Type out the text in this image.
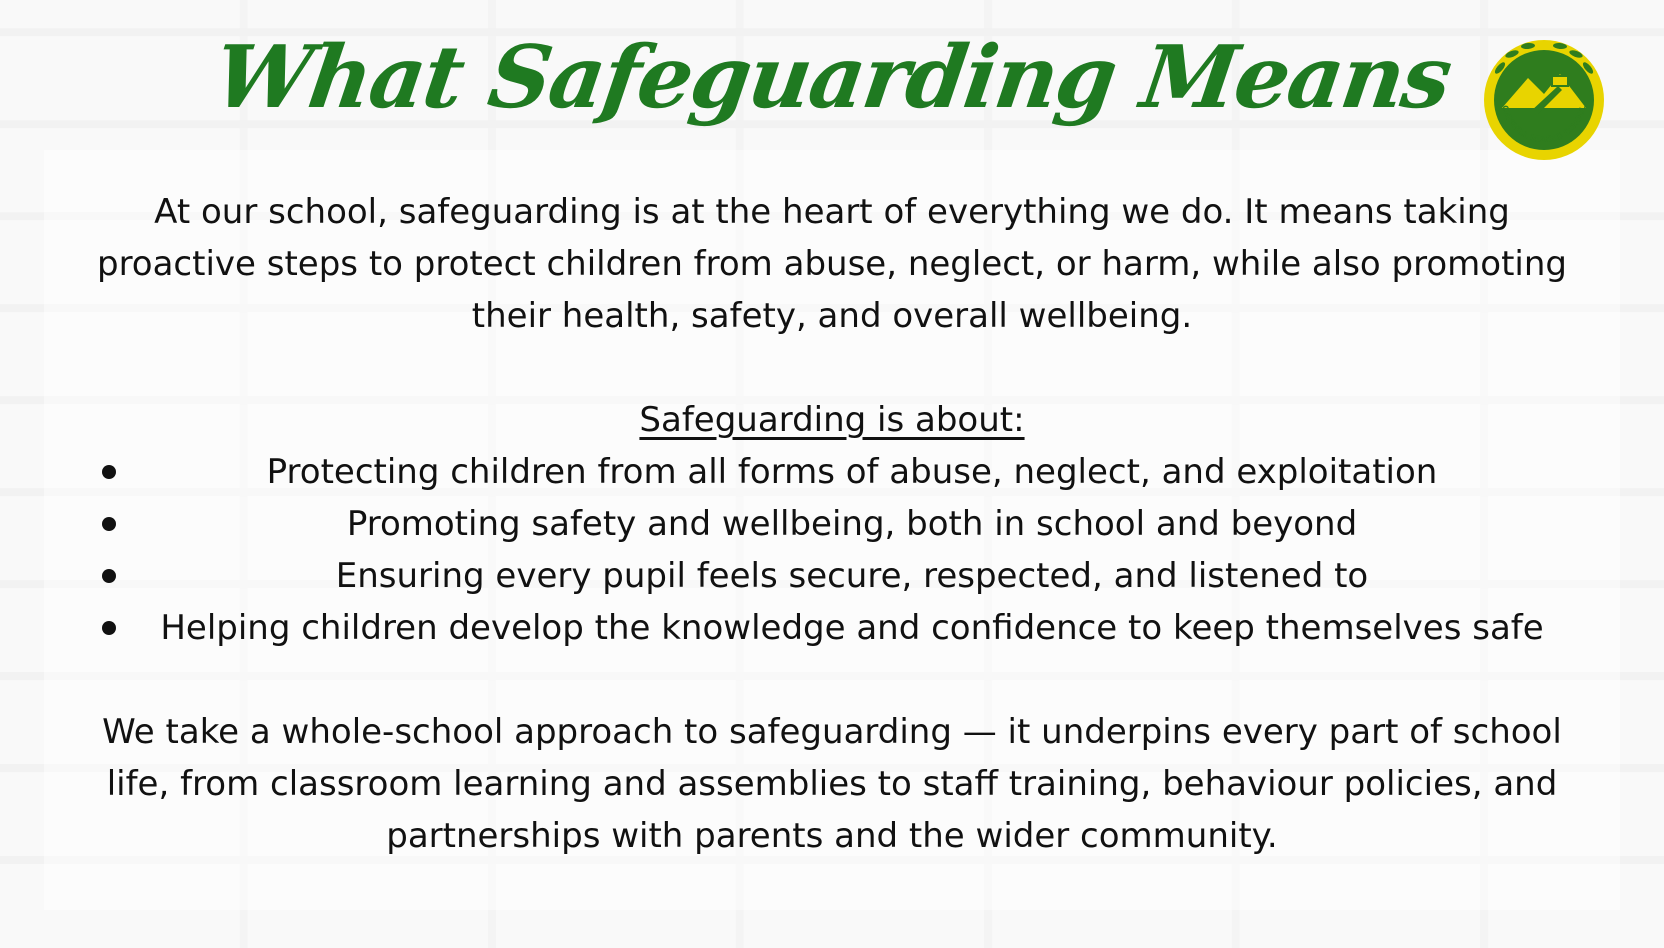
What Safeguarding Means	CATSHILL MIDDLE SCHOOL

At our school, safeguarding is at the heart of everything we do. It means taking proactive steps to protect children from abuse, neglect, or harm, while also promoting their health, safety, and overall wellbeing.

Safeguarding is about:

Protecting children from all forms of abuse, neglect, and exploitation
Promoting safety and wellbeing, both in school and beyond
Ensuring every pupil feels secure, respected, and listened to
Helping children develop the knowledge and confidence to keep themselves safe

We take a whole-school approach to safeguarding — it underpins every part of school life, from classroom learning and assemblies to staff training, behaviour policies, and partnerships with parents and the wider community.
